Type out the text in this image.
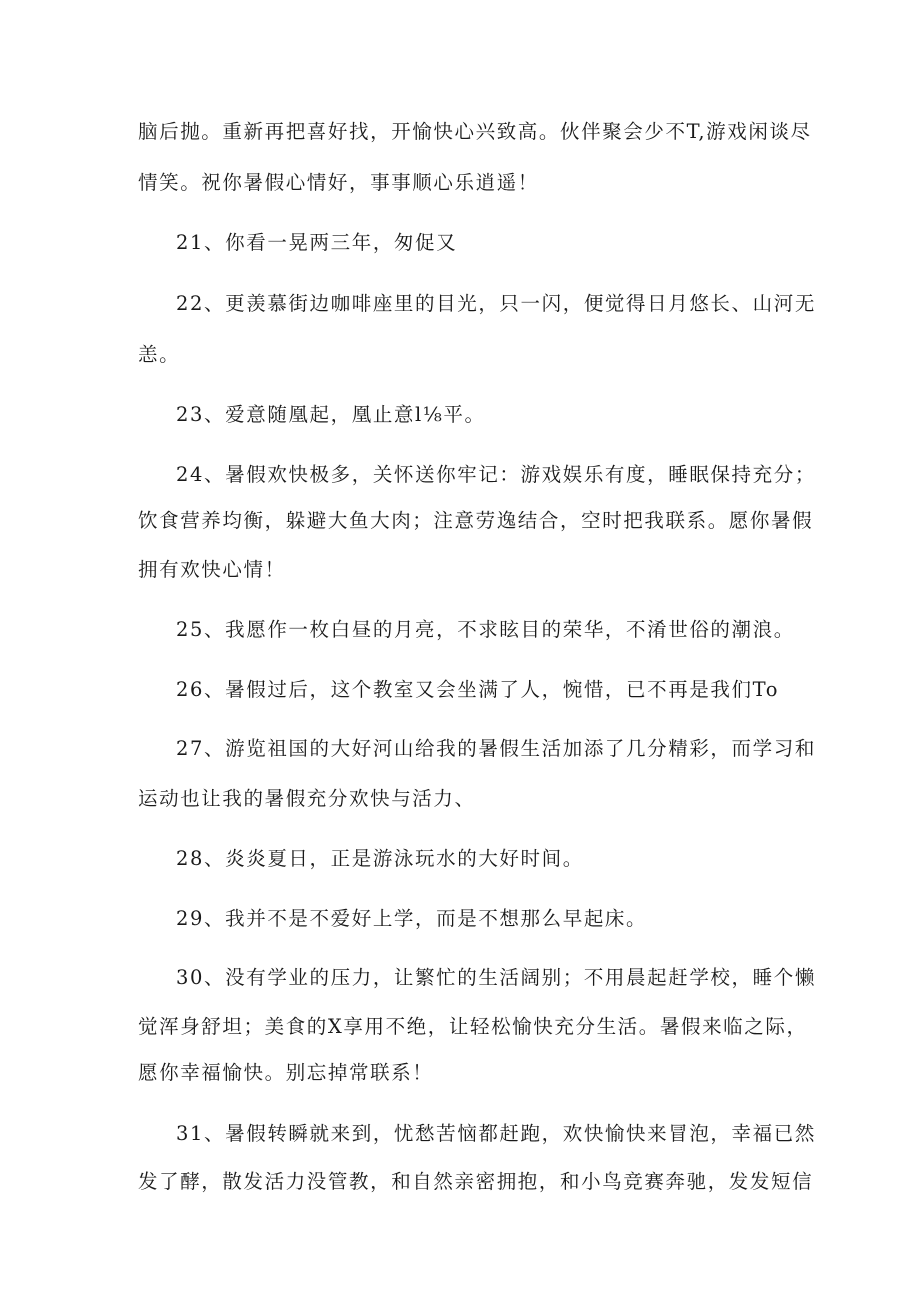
脑后抛。重新再把喜好找，开愉快心兴致高。伙伴聚会少不T,游戏闲谈尽
情笑。祝你暑假心情好，事事顺心乐逍遥！
21、你看一晃两三年，匆促又
22、更羡慕街边咖啡座里的目光，只一闪，便觉得日月悠长、山河无
恙。
23、爱意随凰起，凰止意l⅛平。
24、暑假欢快极多，关怀送你牢记：游戏娱乐有度，睡眠保持充分；
饮食营养均衡，躲避大鱼大肉；注意劳逸结合，空时把我联系。愿你暑假
拥有欢快心情！
25、我愿作一枚白昼的月亮，不求眩目的荣华，不淆世俗的潮浪。
26、暑假过后，这个教室又会坐满了人，惋惜，已不再是我们To
27、游览祖国的大好河山给我的暑假生活加添了几分精彩，而学习和
运动也让我的暑假充分欢快与活力、
28、炎炎夏日，正是游泳玩水的大好时间。
29、我并不是不爱好上学，而是不想那么早起床。
30、没有学业的压力，让繁忙的生活阔别；不用晨起赶学校，睡个懒
觉浑身舒坦；美食的X享用不绝，让轻松愉快充分生活。暑假来临之际，
愿你幸福愉快。别忘掉常联系！
31、暑假转瞬就来到，忧愁苦恼都赶跑，欢快愉快来冒泡，幸福已然
发了酵，散发活力没管教，和自然亲密拥抱，和小鸟竞赛奔驰，发发短信
